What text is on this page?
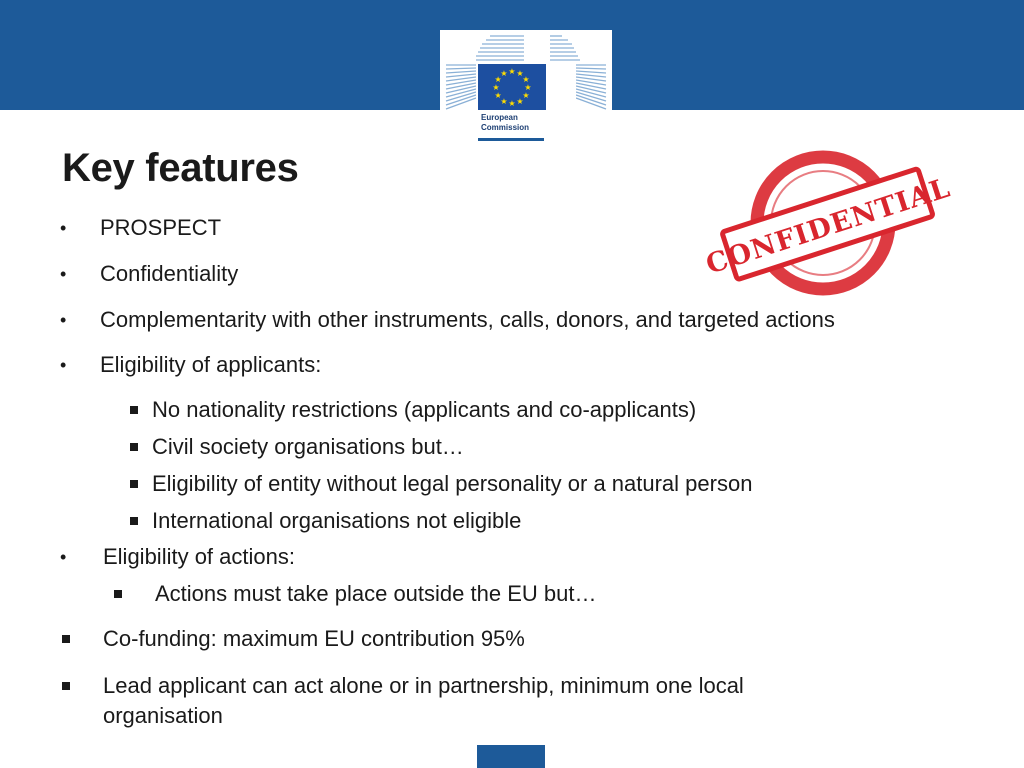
★ ★
★
★
★
★
★
★
★
★
★
★
European
Commission
Key features
CONFIDENTIAL
• PROSPECT
• Confidentiality
• Complementarity with other instruments, calls, donors, and targeted actions
• Eligibility of applicants:
No nationality restrictions (applicants and co-applicants)
Civil society organisations but…
Eligibility of entity without legal personality or a natural person
International organisations not eligible
• Eligibility of actions:
Actions must take place outside the EU but…
Co-funding: maximum EU contribution 95%
Lead applicant can act alone or in partnership, minimum one local
organisation
